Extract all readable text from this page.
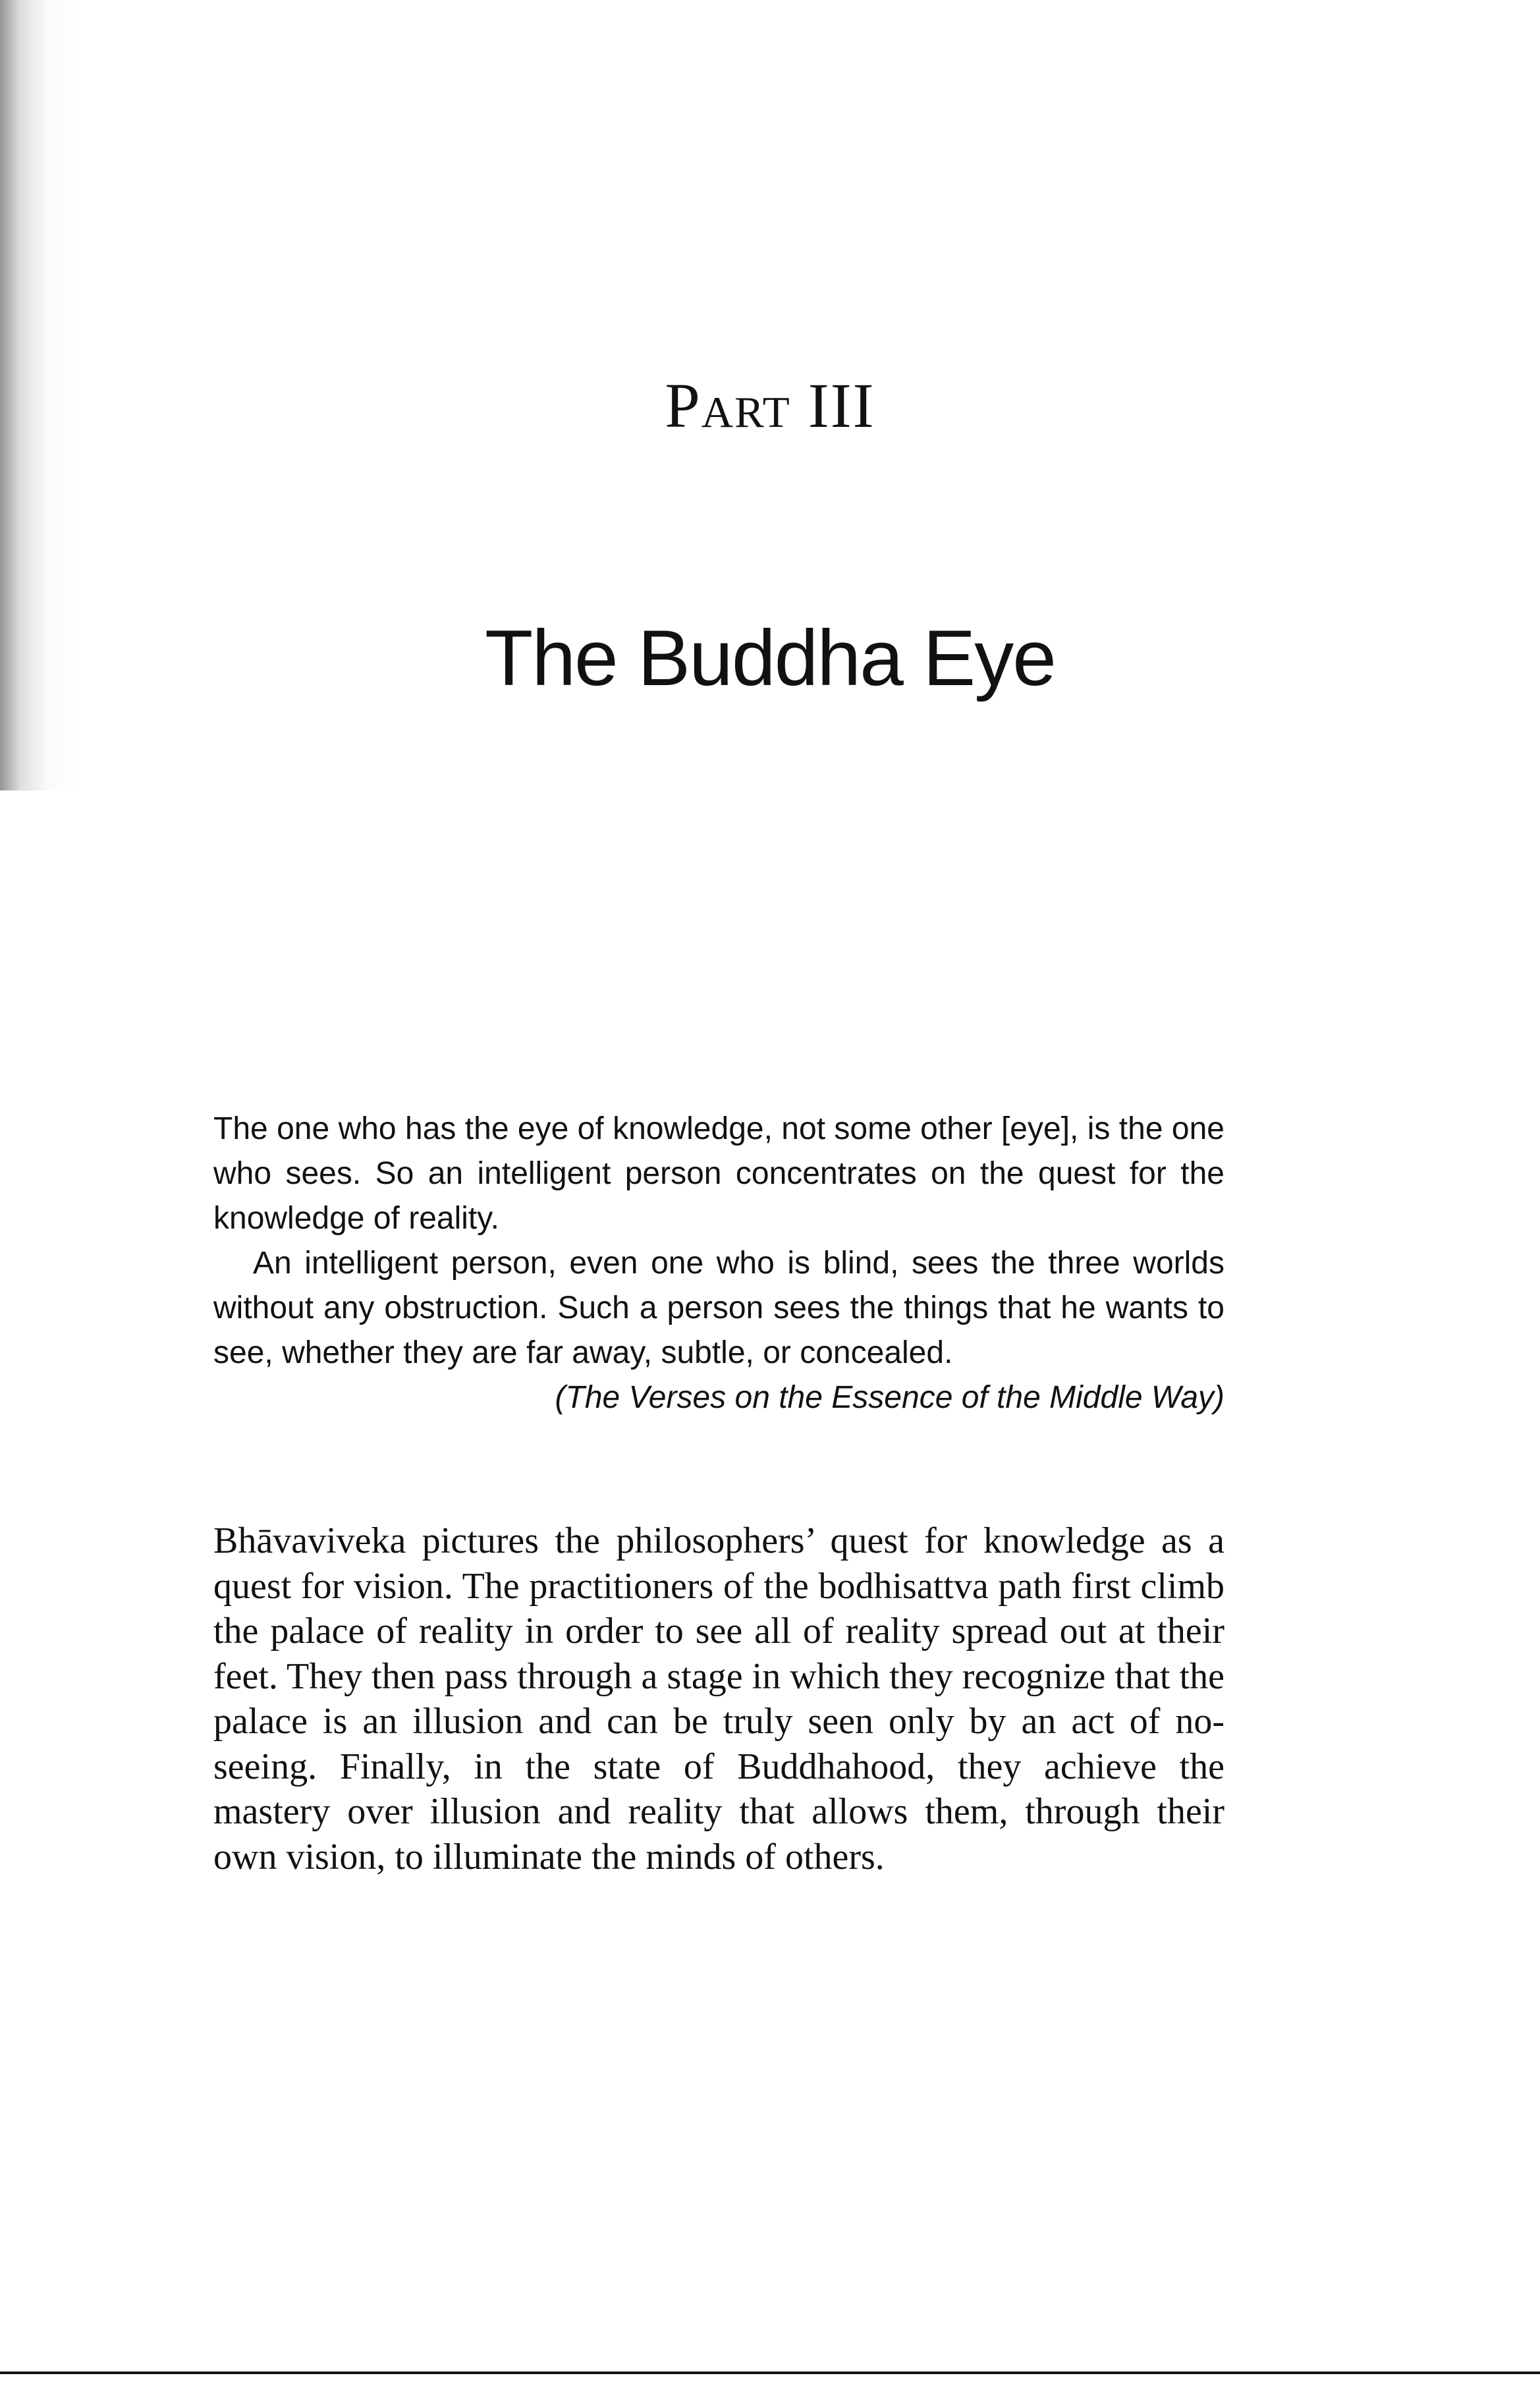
Part III
The Buddha Eye

The one who has the eye of knowledge, not some other [eye], is the one who sees. So an intelligent person concentrates on the quest for the knowledge of reality.

An intelligent person, even one who is blind, sees the three worlds without any obstruction. Such a person sees the things that he wants to see, whether they are far away, subtle, or concealed.

(The Verses on the Essence of the Middle Way)

Bhāvaviveka pictures the philosophers’ quest for knowledge as a quest for vision. The practitioners of the bodhisattva path first climb the palace of reality in order to see all of reality spread out at their feet. They then pass through a stage in which they recognize that the palace is an illusion and can be truly seen only by an act of no-seeing. Finally, in the state of Buddhahood, they achieve the mastery over illusion and reality that allows them, through their own vision, to illuminate the minds of others.
